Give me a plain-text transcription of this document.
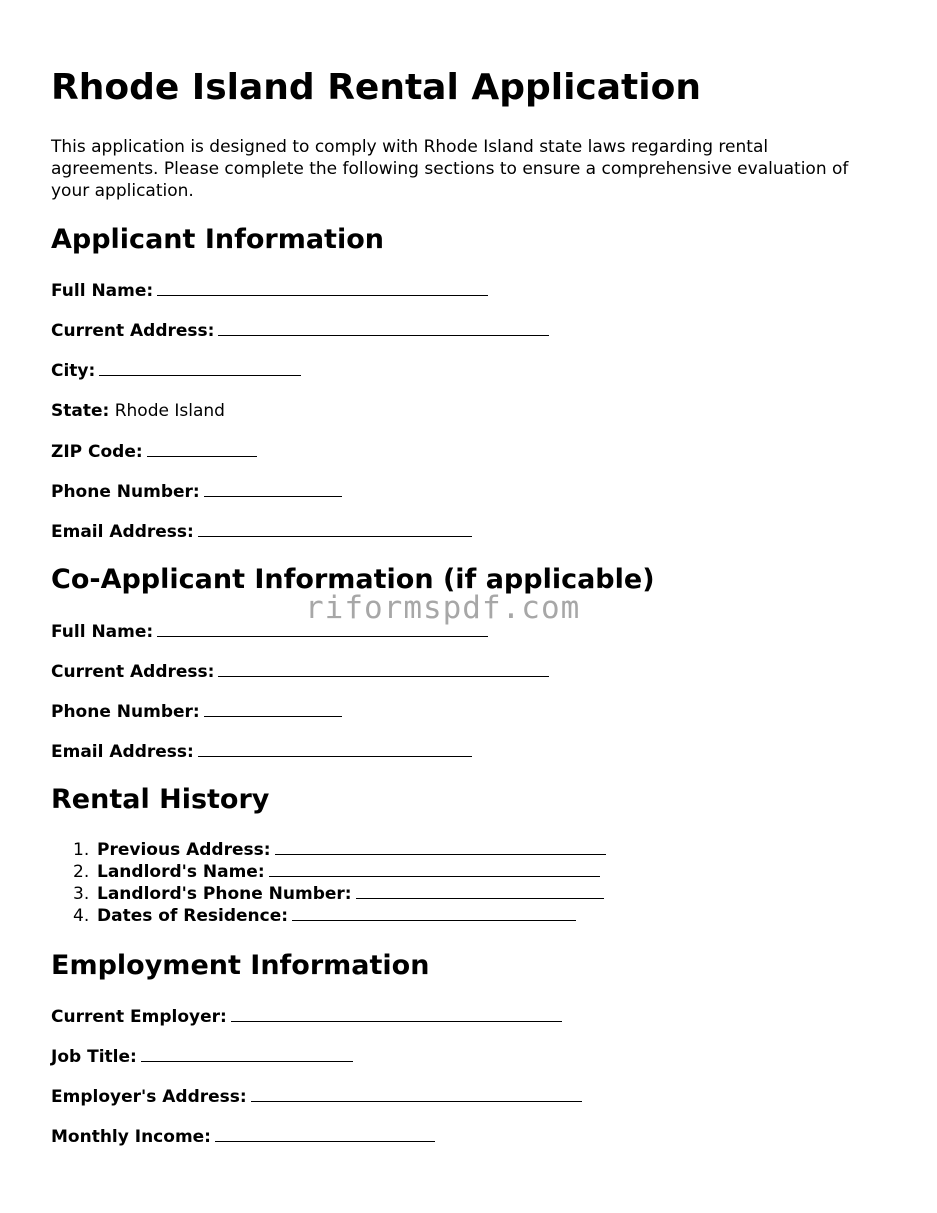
Rhode Island Rental Application

This application is designed to comply with Rhode Island state laws regarding rental agreements. Please complete the following sections to ensure a comprehensive evaluation of your application.

Applicant Information
Full Name:
Current Address:
City:
State: Rhode Island
ZIP Code:
Phone Number:
Email Address:
Co-Applicant Information (if applicable)
Full Name:
Current Address:
Phone Number:
Email Address:
Rental History
1. Previous Address:
2. Landlord's Name:
3. Landlord's Phone Number:
4. Dates of Residence:
Employment Information
Current Employer:
Job Title:
Employer's Address:
Monthly Income:
riformspdf.com
